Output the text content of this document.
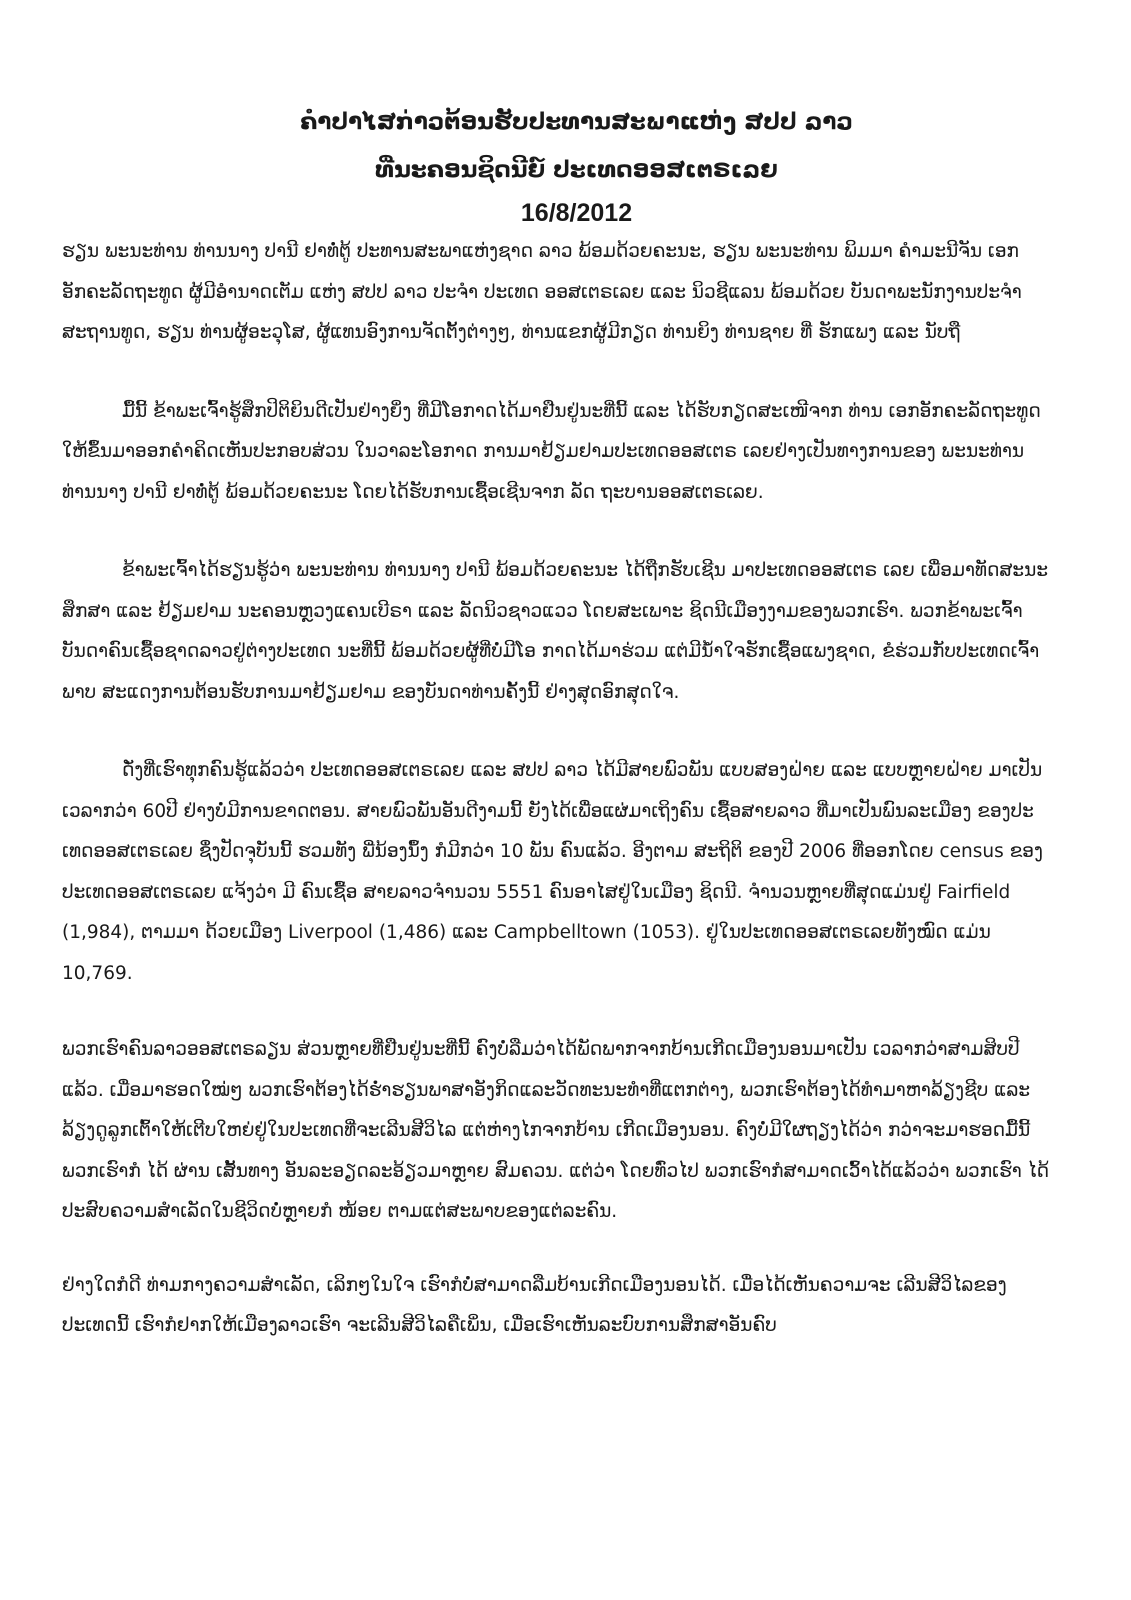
ຄຳປາໄສກ່າວຕ້ອນຮັບປະທານສະພາແຫ່ງ ສປປ ລາວ

ທີ່ນະຄອນຊິດນີຍ໌ ປະເທດອອສເຕຣເລຍ

16/8/2012

ຮຽນ ພະນະທ່ານ ທ່ານນາງ ປານີ ຢາທໍ່ຕູ້ ປະທານສະພາແຫ່ງຊາດ ລາວ ພ້ອມດ້ວຍຄະນະ, ຮຽນ ພະນະທ່ານ ພິມມາ ຄຳມະນີຈັນ ເອກອັກຄະລັດຖະທູດ ຜູ້ມີອຳນາດເຕັມ ແຫ່ງ ສປປ ລາວ ປະຈຳ ປະເທດ ອອສເຕຣເລຍ ແລະ ນິວຊີແລນ ພ້ອມດ້ວຍ ບັນດາພະນັກງານປະຈຳສະຖານທູດ, ຮຽນ ທ່ານຜູ້ອະວຸໂສ, ຜູ້ແທນອົງການຈັດຕັ້ງຕ່າງໆ, ທ່ານແຂກຜູ້ມີກຽດ ທ່ານຍິງ ທ່ານຊາຍ ທີ່ ຮັກແພງ ແລະ ນັບຖື

ມື້ນີ້ ຂ້າພະເຈົ້າຮູ້ສຶກປິຕິຍິນດີເປັນຢ່າງຍິ່ງ ທີ່ມີໂອກາດໄດ້ມາຢືນຢູ່ນະທີ່ນີ້ ແລະ ໄດ້ຮັບກຽດສະເໜີຈາກ ທ່ານ ເອກອັກຄະລັດຖະທູດ ໃຫ້ຂຶ້ນມາອອກຄຳຄິດເຫັນປະກອບສ່ວນ ໃນວາລະໂອກາດ ການມາຢ້ຽມຢາມປະເທດອອສເຕຣ ເລຍຢ່າງເປັນທາງການຂອງ ພະນະທ່ານ ທ່ານນາງ ປານີ ຢາທໍ່ຕູ້ ພ້ອມດ້ວຍຄະນະ ໂດຍໄດ້ຮັບການເຊື້ອເຊີນຈາກ ລັດ ຖະບານອອສເຕຣເລຍ.

ຂ້າພະເຈົ້າໄດ້ຮຽນຮູ້ວ່າ ພະນະທ່ານ ທ່ານນາງ ປານີ ພ້ອມດ້ວຍຄະນະ ໄດ້ຖືກຮັບເຊີນ ມາປະເທດອອສເຕຣ ເລຍ ເພື່ອມາທັດສະນະສຶກສາ ແລະ ຢ້ຽມຢາມ ນະຄອນຫຼວງແຄນເບີຣາ ແລະ ລັດນິວຊາວແວວ ໂດຍສະເພາະ ຊິດນີເມືອງງາມຂອງພວກເຮົາ. ພວກຂ້າພະເຈົ້າ ບັນດາຄົນເຊື້ອຊາດລາວຢູ່ຕ່າງປະເທດ ນະທີ່ນີ້ ພ້ອມດ້ວຍຜູ້ທີ່ບໍ່ມີໂອ ກາດໄດ້ມາຮ່ວມ ແຕ່ມີນ້ຳໃຈຮັກເຊື້ອແພງຊາດ, ຂໍຮ່ວມກັບປະເທດເຈົ້າພາບ ສະແດງການຕ້ອນຮັບການມາຢ້ຽມຢາມ ຂອງບັນດາທ່ານຄັ້ງນີ້ ຢ່າງສຸດອົກສຸດໃຈ.

ດັ່ງທີ່ເຮົາທຸກຄົນຮູ້ແລ້ວວ່າ ປະເທດອອສເຕຣເລຍ ແລະ ສປປ ລາວ ໄດ້ມີສາຍພົວພັນ ແບບສອງຝ່າຍ ແລະ ແບບຫຼາຍຝ່າຍ ມາເປັນເວລາກວ່າ 60ປີ ຢ່າງບໍ່ມີການຂາດຕອນ. ສາຍພົວພັນອັນດີງາມນີ້ ຍັງໄດ້ເພື່ອແຜ່ມາເຖິງຄົນ ເຊື້ອສາຍລາວ ທີ່ມາເປັນພົນລະເມືອງ ຂອງປະເທດອອສເຕຣເລຍ ຊຶ່ງປັດຈຸບັນນີ້ ຮວມທັງ ພີ່ນ້ອງນ້ຶງ ກໍມີກວ່າ 10 ພັນ ຄົນແລ້ວ. ອີງຕາມ ສະຖິຕິ ຂອງປີ 2006 ທີ່ອອກໂດຍ census ຂອງປະເທດອອສເຕຣເລຍ ແຈ້ງວ່າ ມີ ຄົນເຊື້ອ ສາຍລາວຈຳນວນ 5551 ຄົນອາໄສຢູ່ໃນເມືອງ ຊິດນີ. ຈຳນວນຫຼາຍທີ່ສຸດແມ່ນຢູ່ Fairfield (1,984), ຕາມມາ ດ້ວຍເມືອງ Liverpool (1,486) ແລະ Campbelltown (1053). ຢູ່ໃນປະເທດອອສເຕຣເລຍທັງໝົດ ແມ່ນ 10,769.

ພວກເຮົາຄົນລາວອອສເຕຣລຽນ ສ່ວນຫຼາຍທີ່ຢືນຢູ່ນະທີ່ນີ້ ຄົງບໍ່ລືມວ່າໄດ້ພັດພາກຈາກບ້ານເກີດເມືອງນອນມາເປັນ ເວລາກວ່າສາມສິບປີແລ້ວ. ເມື່ອມາຮອດໃໝ່ໆ ພວກເຮົາຕ້ອງໄດ້ຮໍ່າຮຽນພາສາອັງກິດແລະວັດທະນະທຳທີ່ແຕກຕ່າງ, ພວກເຮົາຕ້ອງໄດ້ທຳມາຫາລ້ຽງຊີບ ແລະ ລ້ຽງດູລູກເຕົ້າໃຫ້ເຕີບໃຫຍ່ຢູ່ໃນປະເທດທີ່ຈະເລີນສີວິໄລ ແຕ່ຫ່າງໄກຈາກບ້ານ ເກີດເມືອງນອນ. ຄົງບໍ່ມີໃຜຖຽງໄດ້ວ່າ ກວ່າຈະມາຮອດມື້ນີ້ ພວກເຮົາກໍ ໄດ້ ຜ່ານ ເສັ້ນທາງ ອັນລະອຽດລະອ້ຽວມາຫຼາຍ ສົມຄວນ. ແຕ່ວ່າ ໂດຍທົ່ວໄປ ພວກເຮົາກໍສາມາດເວົ້າໄດ້ແລ້ວວ່າ ພວກເຮົາ ໄດ້ປະສົບຄວາມສຳເລັດໃນຊີວິດບໍ່ຫຼາຍກໍ ໜ້ອຍ ຕາມແຕ່ສະພາບຂອງແຕ່ລະຄົນ.

ຢ່າງໃດກໍດີ ທ່າມກາງຄວາມສຳເລັດ, ເລິກໆໃນໃຈ ເຮົາກໍບໍ່ສາມາດລືມບ້ານເກີດເມືອງນອນໄດ້. ເມື່ອໄດ້ເຫັນຄວາມຈະ ເລີນສີວິໄລຂອງປະເທດນີ້ ເຮົາກໍຢາກໃຫ້ເມືອງລາວເຮົາ ຈະເລີນສີວິໄລຄືເພິ່ນ, ເມື່ອເຮົາເຫັນລະບົບການສຶກສາອັນຄົບ
